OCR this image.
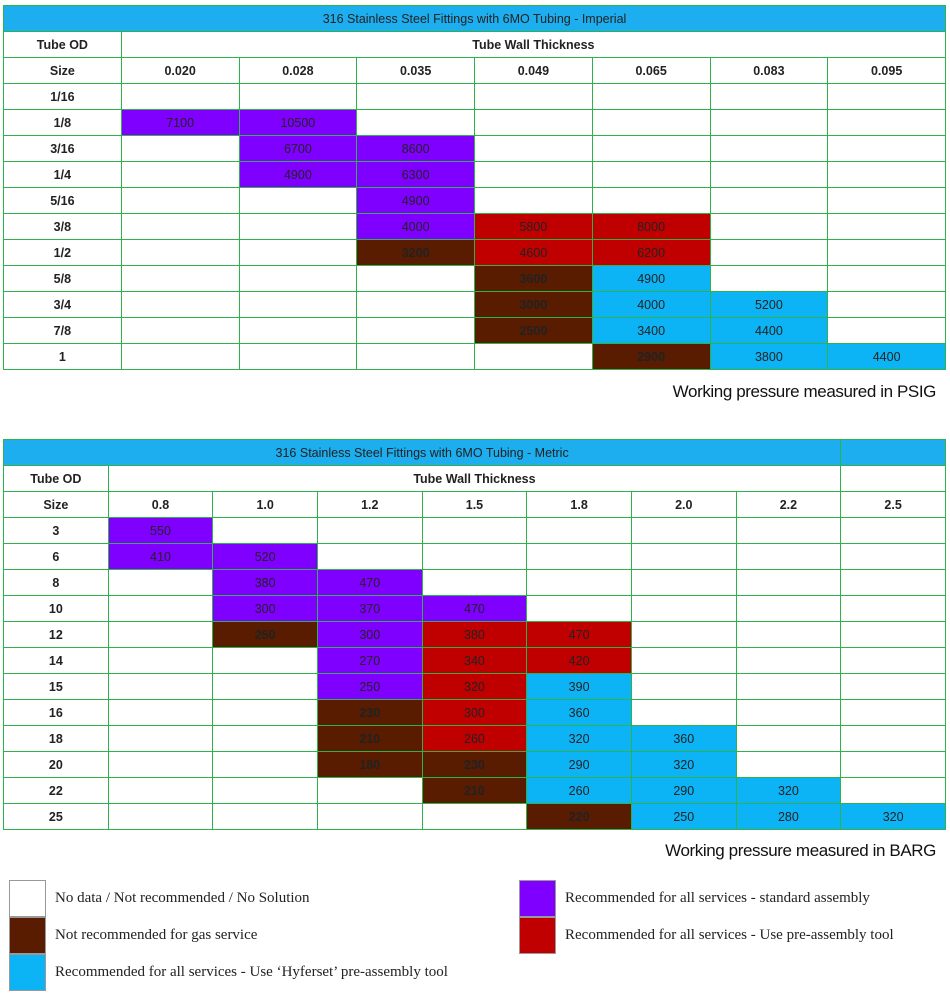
316 Stainless Steel Fittings with 6MO Tubing - Imperial							
Tube OD	Tube Wall Thickness						
Size	0.020	0.028	0.035	0.049	0.065	0.083	0.095
1/16							
1/8	7100	10500					
3/16		6700	8600				
1/4		4900	6300				
5/16			4900				
3/8			4000	5800	8000		
1/2			3200	4600	6200		
5/8				3600	4900		
3/4				3000	4000	5200	
7/8				2500	3400	4400	
1					2900	3800	4400
Working pressure measured in PSIG
316 Stainless Steel Fittings with 6MO Tubing - Metric								
Tube OD	Tube Wall Thickness							
Size	0.8	1.0	1.2	1.5	1.8	2.0	2.2	2.5
3	550							
6	410	520						
8		380	470					
10		300	370	470				
12		250	300	380	470			
14			270	340	420			
15			250	320	390			
16			230	300	360			
18			210	260	320	360		
20			180	230	290	320		
22				210	260	290	320	
25					220	250	280	320
Working pressure measured in BARG
No data / Not recommended / No Solution
Not recommended for gas service
Recommended for all services - Use ‘Hyferset’ pre-assembly tool
Recommended for all services - standard assembly
Recommended for all services - Use pre-assembly tool
